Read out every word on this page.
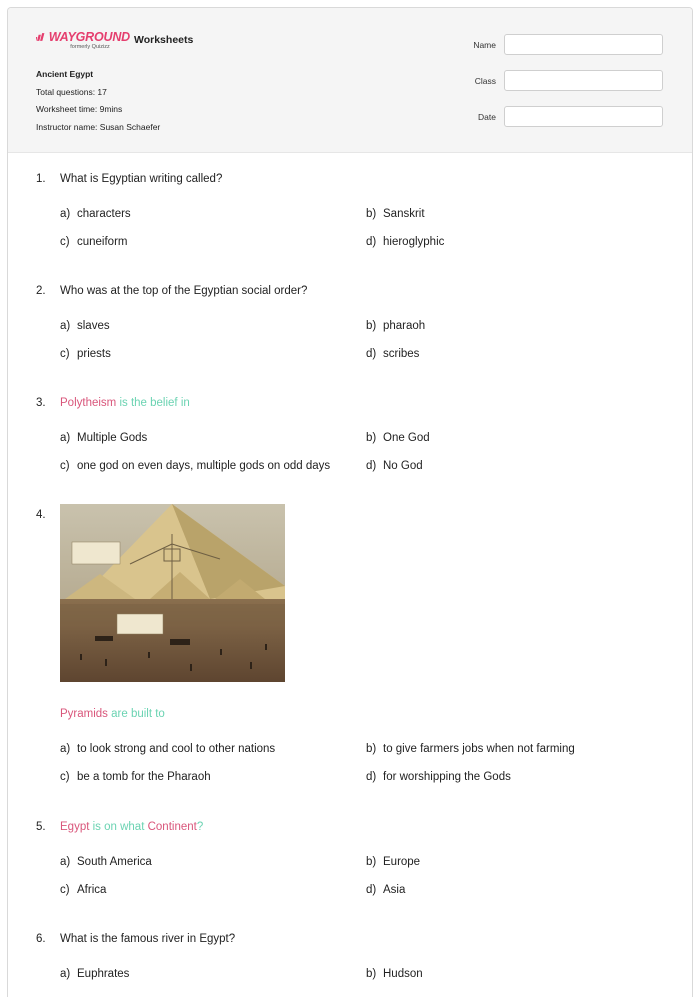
WAYGROUND
formerly Quizizz
Worksheets
Ancient Egypt
Total questions: 17
Worksheet time: 9mins
Instructor name: Susan Schaefer
Name
Class
Date
1. What is Egyptian writing called?
a) characters	b) Sanskrit
c) cuneiform	d) hieroglyphic
2. Who was at the top of the Egyptian social order?
a) slaves	b) pharaoh
c) priests	d) scribes
3. Polytheism is the belief in
a) Multiple Gods	b) One God
c) one god on even days, multiple gods on odd days	d) No God
4.
Pyramids are built to
a) to look strong and cool to other nations	b) to give farmers jobs when not farming
c) be a tomb for the Pharaoh	d) for worshipping the Gods
5. Egypt is on what Continent?
a) South America	b) Europe
c) Africa	d) Asia
6. What is the famous river in Egypt?
a) Euphrates	b) Hudson
